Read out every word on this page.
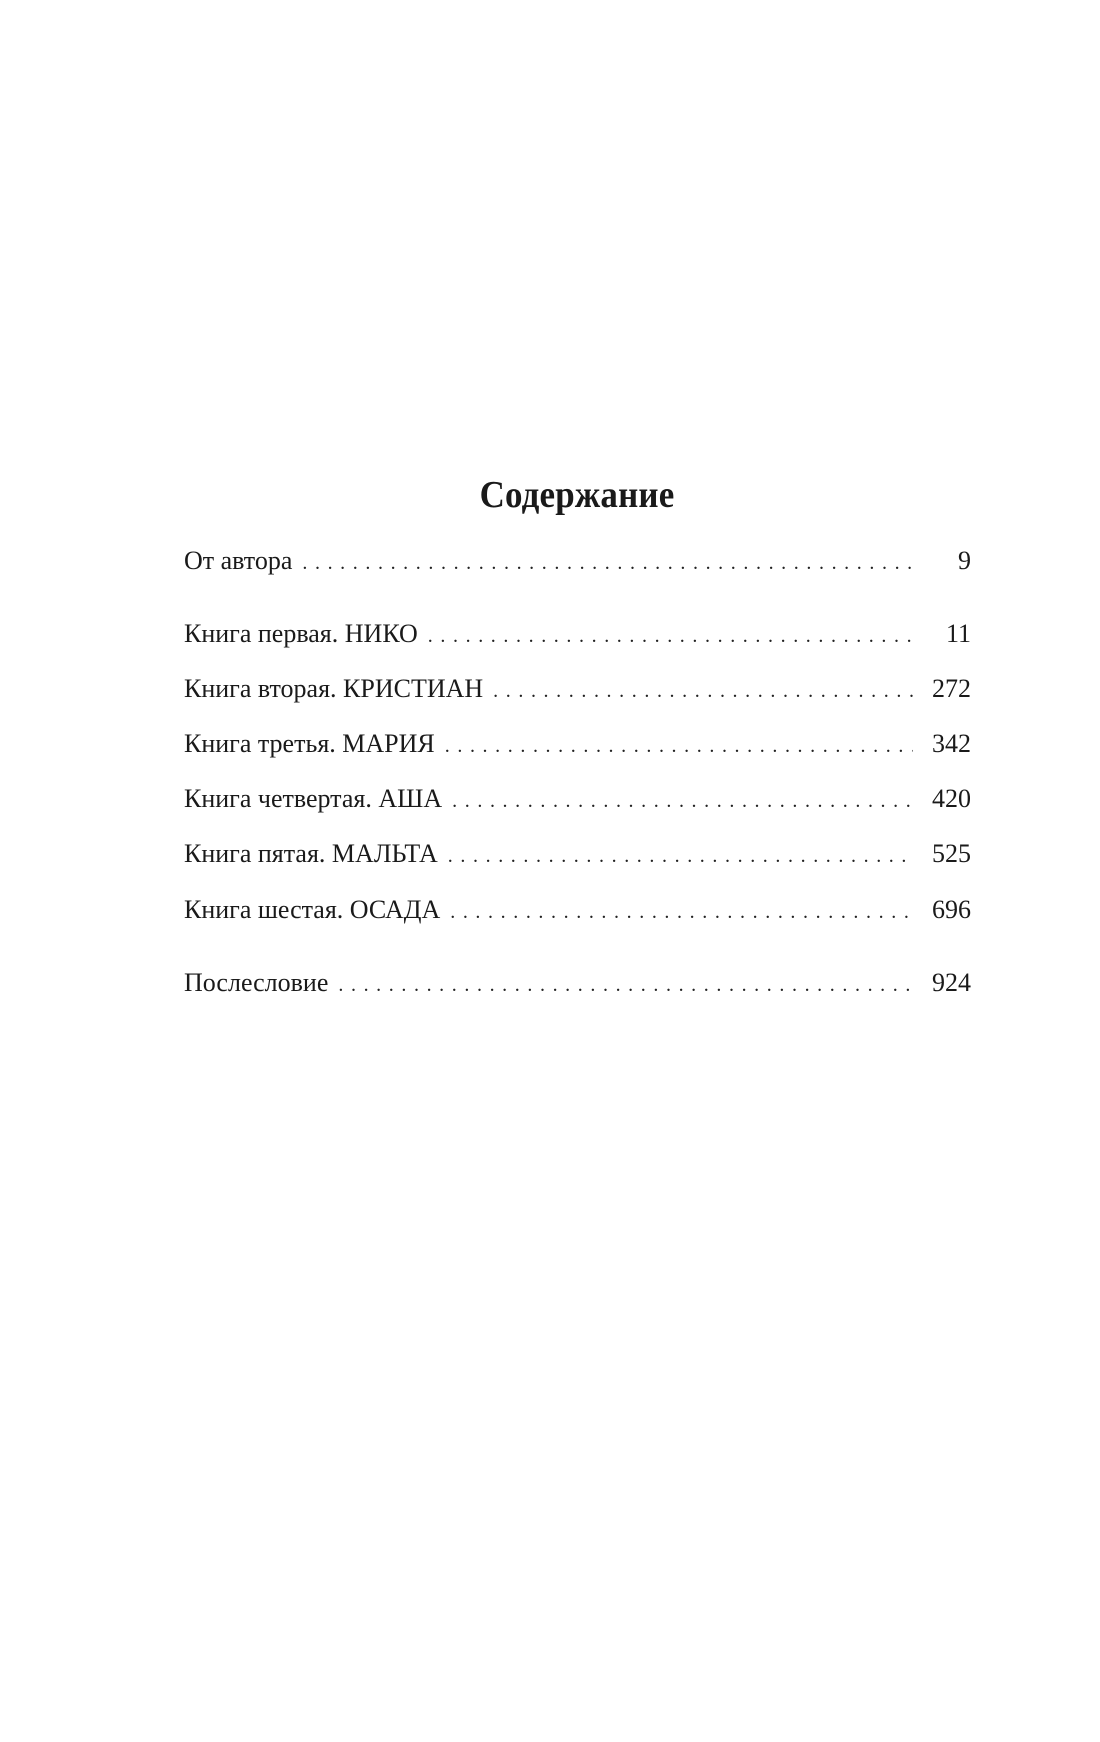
Содержание
От автора . . .	9
Книга первая. НИКО . . .	11
Книга вторая. КРИСТИАН . . .	272
Книга третья. МАРИЯ . . .	342
Книга четвертая. АША . . .	420
Книга пятая. МАЛЬТА . . .	525
Книга шестая. ОСАДА . . .	696
Послесловие . . .	924
